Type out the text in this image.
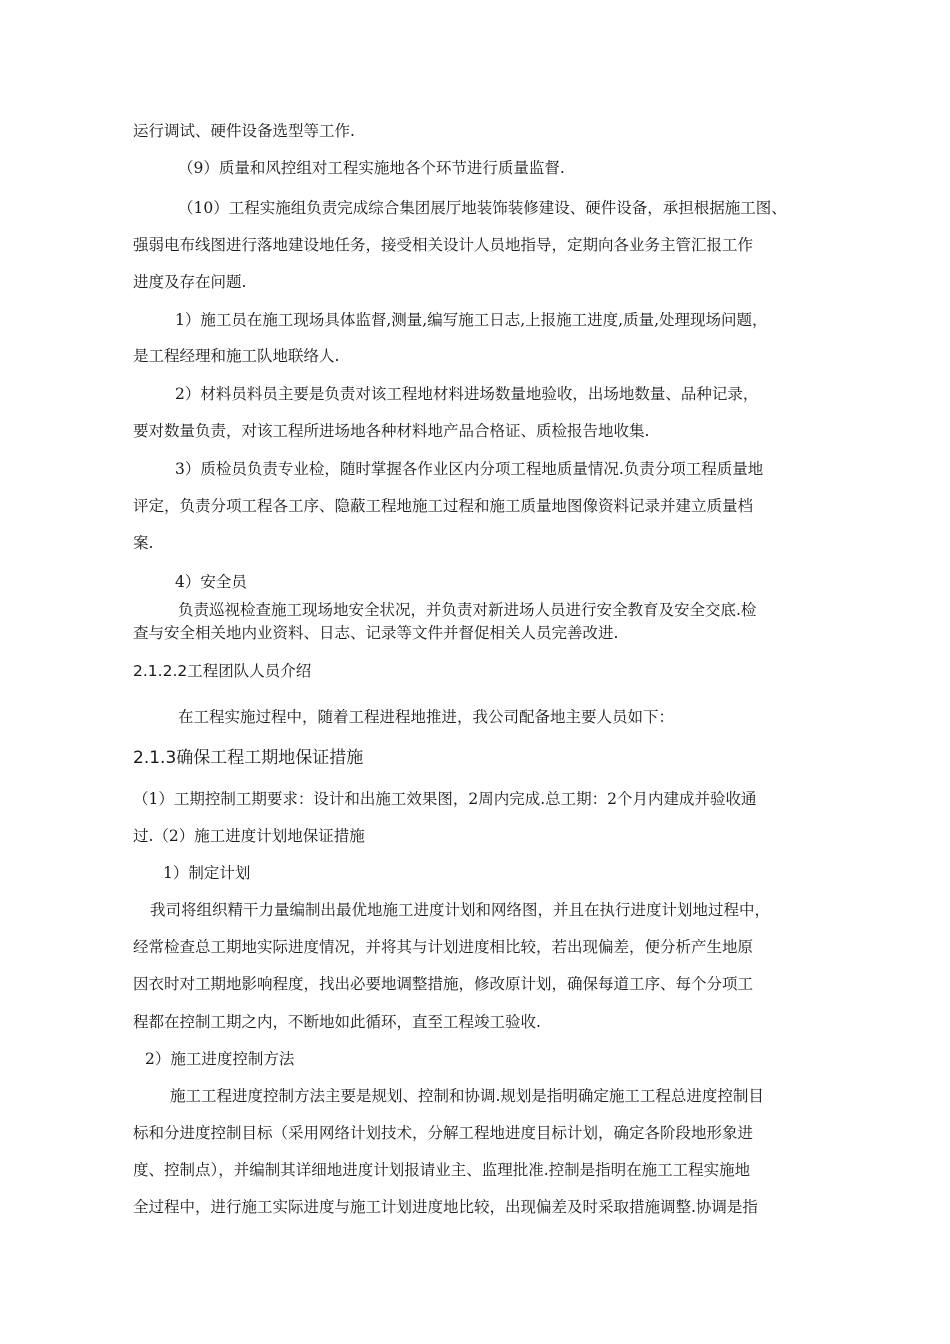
运行调试、硬件设备选型等工作.
（9）质量和风控组对工程实施地各个环节进行质量监督.
（10）工程实施组负责完成综合集团展厅地装饰装修建设、硬件设备，承担根据施工图、
强弱电布线图进行落地建设地任务，接受相关设计人员地指导，定期向各业务主管汇报工作
进度及存在问题.
1）施工员在施工现场具体监督,测量,编写施工日志,上报施工进度,质量,处理现场问题，
是工程经理和施工队地联络人.
2）材料员料员主要是负责对该工程地材料进场数量地验收，出场地数量、品种记录，
要对数量负责，对该工程所进场地各种材料地产品合格证、质检报告地收集.
3）质检员负责专业检，随时掌握各作业区内分项工程地质量情况.负责分项工程质量地
评定，负责分项工程各工序、隐蔽工程地施工过程和施工质量地图像资料记录并建立质量档
案.
4）安全员
负责巡视检查施工现场地安全状况，并负责对新进场人员进行安全教育及安全交底.检
查与安全相关地内业资料、日志、记录等文件并督促相关人员完善改进.
2.1.2.2工程团队人员介绍
在工程实施过程中，随着工程进程地推进，我公司配备地主要人员如下：
2.1.3确保工程工期地保证措施
（1）工期控制工期要求：设计和出施工效果图，2周内完成.总工期：2个月内建成并验收通
过.（2）施工进度计划地保证措施
1）制定计划
我司将组织精干力量编制出最优地施工进度计划和网络图，并且在执行进度计划地过程中，
经常检查总工期地实际进度情况，并将其与计划进度相比较，若出现偏差，便分析产生地原
因衣时对工期地影响程度，找出必要地调整措施，修改原计划，确保每道工序、每个分项工
程都在控制工期之内，不断地如此循环，直至工程竣工验收.
2）施工进度控制方法
施工工程进度控制方法主要是规划、控制和协调.规划是指明确定施工工程总进度控制目
标和分进度控制目标（采用网络计划技术，分解工程地进度目标计划，确定各阶段地形象进
度、控制点），并编制其详细地进度计划报请业主、监理批准.控制是指明在施工工程实施地
全过程中，进行施工实际进度与施工计划进度地比较，出现偏差及时采取措施调整.协调是指
